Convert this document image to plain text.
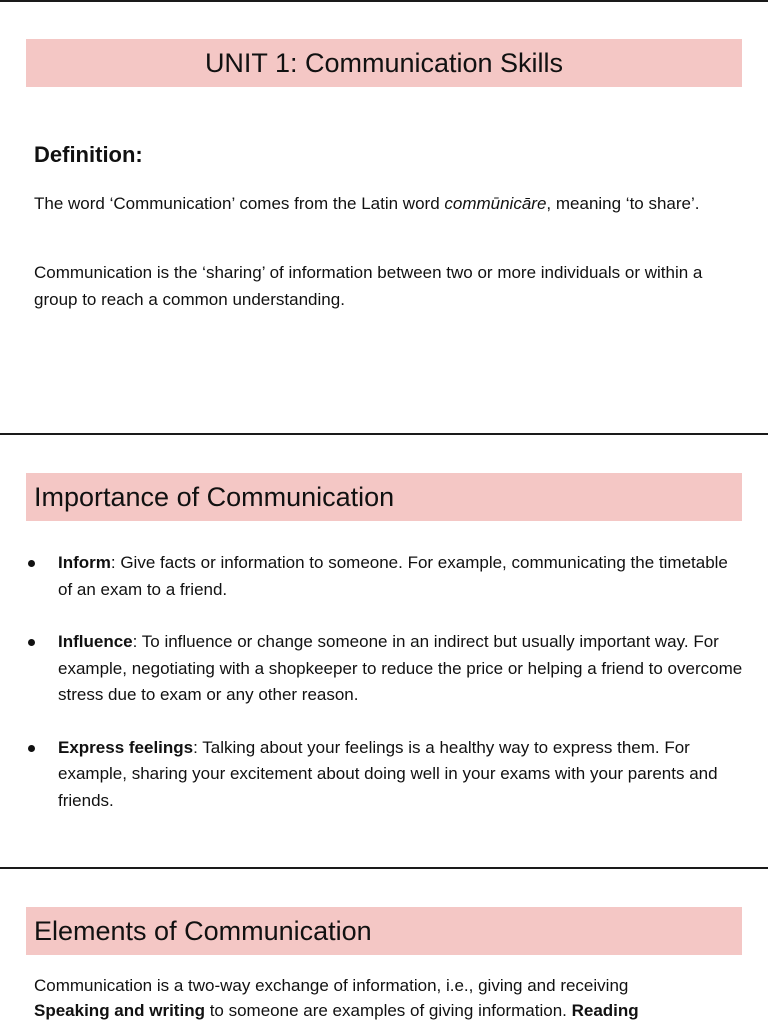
UNIT 1: Communication Skills
Definition:

The word ‘Communication’ comes from the Latin word commūnicāre, meaning ‘to share’.

Communication is the ‘sharing’ of information between two or more individuals or within a group to reach a common understanding.

Importance of Communication
Inform: Give facts or information to someone. For example, communicating the timetable of an exam to a friend.
Influence: To influence or change someone in an indirect but usually important way. For example, negotiating with a shopkeeper to reduce the price or helping a friend to overcome stress due to exam or any other reason.
Express feelings: Talking about your feelings is a healthy way to express them. For example, sharing your excitement about doing well in your exams with your parents and friends.
Elements of Communication

Communication is a two-way exchange of information, i.e., giving and receiving
Speaking and writing to someone are examples of giving information. Reading
